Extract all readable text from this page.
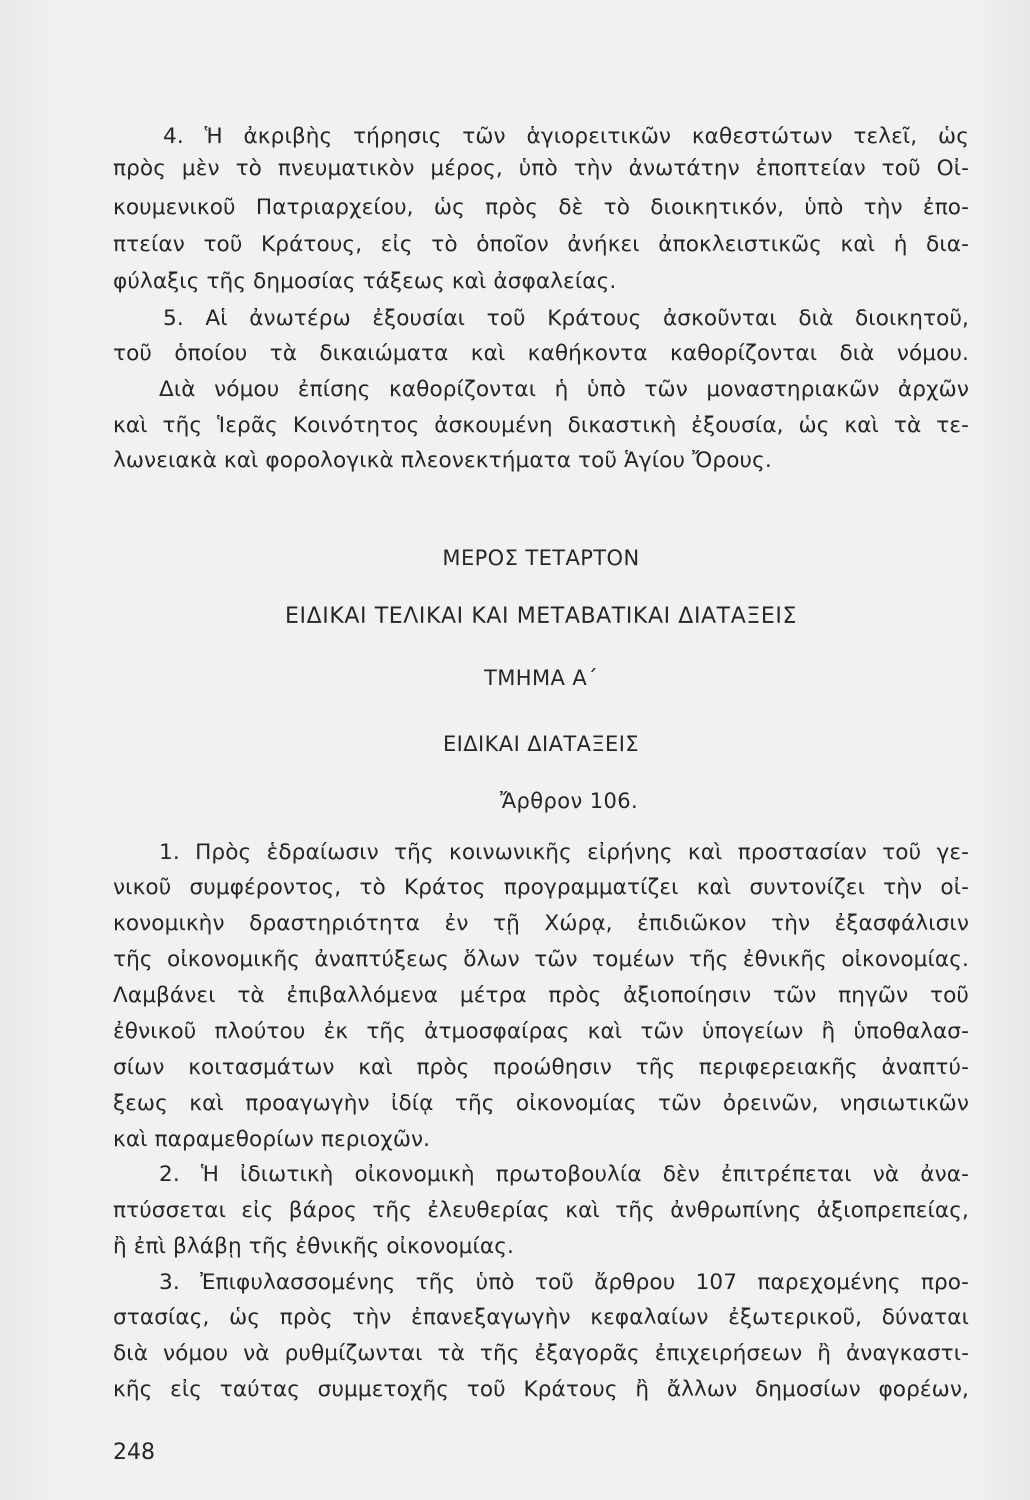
4. Ἡ ἀκριβὴς τήρησις τῶν ἁγιορειτικῶν καθεστώτων τελεῖ, ὡς
πρὸς μὲν τὸ πνευματικὸν μέρος, ὑπὸ τὴν ἀνωτάτην ἐποπτείαν τοῦ Οἰ-
κουμενικοῦ Πατριαρχείου, ὡς πρὸς δὲ τὸ διοικητικόν, ὑπὸ τὴν ἐπο-
πτείαν τοῦ Κράτους, εἰς τὸ ὁποῖον ἀνήκει ἀποκλειστικῶς καὶ ἡ δια-
φύλαξις τῆς δημοσίας τάξεως καὶ ἀσφαλείας.
5. Αἱ ἀνωτέρω ἐξουσίαι τοῦ Κράτους ἀσκοῦνται διὰ διοικητοῦ,
τοῦ ὁποίου τὰ δικαιώματα καὶ καθήκοντα καθορίζονται διὰ νόμου.
Διὰ νόμου ἐπίσης καθορίζονται ἡ ὑπὸ τῶν μοναστηριακῶν ἀρχῶν
καὶ τῆς Ἱερᾶς Κοινότητος ἀσκουμένη δικαστικὴ ἐξουσία, ὡς καὶ τὰ τε-
λωνειακὰ καὶ φορολογικὰ πλεονεκτήματα τοῦ Ἁγίου Ὄρους.
ΜΕΡΟΣ ΤΕΤΑΡΤΟΝ
ΕΙΔΙΚΑΙ ΤΕΛΙΚΑΙ ΚΑΙ ΜΕΤΑΒΑΤΙΚΑΙ ΔΙΑΤΑΞΕΙΣ
ΤΜΗΜΑ Α΄
ΕΙΔΙΚΑΙ ΔΙΑΤΑΞΕΙΣ
Ἄρθρον 106.
1. Πρὸς ἑδραίωσιν τῆς κοινωνικῆς εἰρήνης καὶ προστασίαν τοῦ γε-
νικοῦ συμφέροντος, τὸ Κράτος προγραμματίζει καὶ συντονίζει τὴν οἰ-
κονομικὴν δραστηριότητα ἐν τῇ Χώρᾳ, ἐπιδιῶκον τὴν ἐξασφάλισιν
τῆς οἰκονομικῆς ἀναπτύξεως ὅλων τῶν τομέων τῆς ἐθνικῆς οἰκονομίας.
Λαμβάνει τὰ ἐπιβαλλόμενα μέτρα πρὸς ἀξιοποίησιν τῶν πηγῶν τοῦ
ἐθνικοῦ πλούτου ἐκ τῆς ἀτμοσφαίρας καὶ τῶν ὑπογείων ἢ ὑποθαλασ-
σίων κοιτασμάτων καὶ πρὸς προώθησιν τῆς περιφερειακῆς ἀναπτύ-
ξεως καὶ προαγωγὴν ἰδίᾳ τῆς οἰκονομίας τῶν ὀρεινῶν, νησιωτικῶν
καὶ παραμεθορίων περιοχῶν.
2. Ἡ ἰδιωτικὴ οἰκονομικὴ πρωτοβουλία δὲν ἐπιτρέπεται νὰ ἀνα-
πτύσσεται εἰς βάρος τῆς ἐλευθερίας καὶ τῆς ἀνθρωπίνης ἀξιοπρεπείας,
ἢ ἐπὶ βλάβῃ τῆς ἐθνικῆς οἰκονομίας.
3. Ἐπιφυλασσομένης τῆς ὑπὸ τοῦ ἄρθρου 107 παρεχομένης προ-
στασίας, ὡς πρὸς τὴν ἐπανεξαγωγὴν κεφαλαίων ἐξωτερικοῦ, δύναται
διὰ νόμου νὰ ρυθμίζωνται τὰ τῆς ἐξαγορᾶς ἐπιχειρήσεων ἢ ἀναγκαστι-
κῆς εἰς ταύτας συμμετοχῆς τοῦ Κράτους ἢ ἄλλων δημοσίων φορέων,
248
